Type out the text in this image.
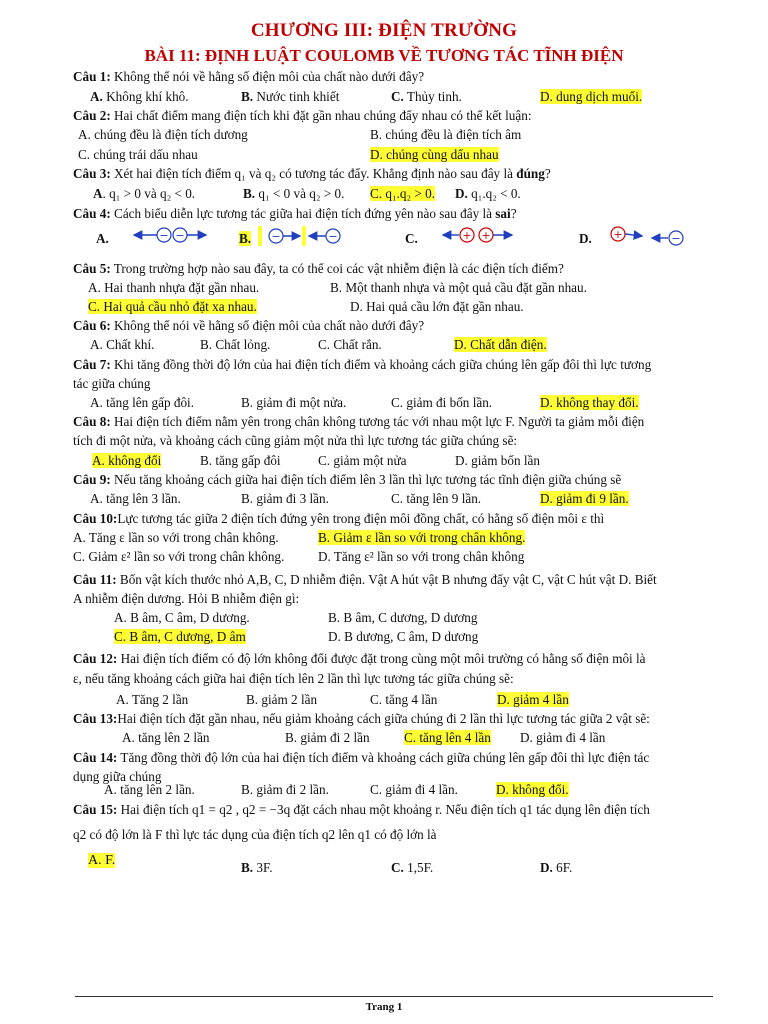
CHƯƠNG III: ĐIỆN TRƯỜNG
BÀI 11: ĐỊNH LUẬT COULOMB VỀ TƯƠNG TÁC TĨNH ĐIỆN
Câu 1: Không thể nói về hằng số điện môi của chất nào dưới đây?
A. Không khí khô.	B. Nước tinh khiết	C. Thủy tinh.	D. dung dịch muối.
Câu 2: Hai chất điểm mang điện tích khi đặt gần nhau chúng đẩy nhau có thể kết luận:
A. chúng đều là điện tích dương	B. chúng đều là điện tích âm
C. chúng trái dấu nhau	D. chúng cùng dấu nhau
Câu 3: Xét hai điện tích điểm q₁ và q₂ có tương tác đẩy. Khẳng định nào sau đây là đúng?
A. q₁ > 0 và q₂ < 0.	B. q₁ < 0 và q₂ > 0. C. q₁.q₂ > 0. D. q₁.q₂ < 0.
Câu 4: Cách biểu diễn lực tương tác giữa hai điện tích đứng yên nào sau đây là sai?
A.	− −	B. −	−	C.	+ +	D. +	−
Câu 5: Trong trường hợp nào sau đây, ta có thể coi các vật nhiễm điện là các điện tích điểm?
A. Hai thanh nhựa đặt gần nhau.	B. Một thanh nhựa và một quả cầu đặt gần nhau.
C. Hai quả cầu nhỏ đặt xa nhau.	D. Hai quả cầu lớn đặt gần nhau.
Câu 6: Không thể nói về hằng số điện môi của chất nào dưới đây?
A. Chất khí.	B. Chất lỏng.	C. Chất rắn.	D. Chất dẫn điện.
Câu 7: Khi tăng đồng thời độ lớn của hai điện tích điểm và khoảng cách giữa chúng lên gấp đôi thì lực tương
tác giữa chúng
A. tăng lên gấp đôi.	B. giảm đi một nửa.	C. giảm đi bốn lần.	D. không thay đổi.
Câu 8: Hai điện tích điểm nằm yên trong chân không tương tác với nhau một lực F. Người ta giảm mỗi điện
tích đi một nửa, và khoảng cách cũng giảm một nửa thì lực tương tác giữa chúng sẽ:
A. không đổi	B. tăng gấp đôi	C. giảm một nửa	D. giảm bốn lần
Câu 9: Nếu tăng khoảng cách giữa hai điện tích điểm lên 3 lần thì lực tương tác tĩnh điện giữa chúng sẽ
A. tăng lên 3 lần.	B. giảm đi 3 lần.	C. tăng lên 9 lần.	D. giảm đi 9 lần.
Câu 10:Lực tương tác giữa 2 điện tích đứng yên trong điện môi đồng chất, có hằng số điện môi ε thì
A. Tăng ε lần so với trong chân không.	B. Giảm ε lần so với trong chân không.
C. Giảm ε² lần so với trong chân không.	D. Tăng ε² lần so với trong chân không
Câu 11: Bốn vật kích thước nhỏ A,B, C, D nhiễm điện. Vật A hút vật B nhưng đẩy vật C, vật C hút vật D. Biết
A nhiễm điện dương. Hỏi B nhiễm điện gì:
A. B âm, C âm, D dương.	B. B âm, C dương, D dương
C. B âm, C dương, D âm	D. B dương, C âm, D dương
Câu 12: Hai điện tích điểm có độ lớn không đổi được đặt trong cùng một môi trường có hằng số điện môi là
ε, nếu tăng khoảng cách giữa hai điện tích lên 2 lần thì lực tương tác giữa chúng sẽ:
A. Tăng 2 lần	B. giảm 2 lần	C. tăng 4 lần	D. giảm 4 lần
Câu 13:Hai điện tích đặt gần nhau, nếu giảm khoảng cách giữa chúng đi 2 lần thì lực tương tác giữa 2 vật sẽ:
A. tăng lên 2 lần	B. giảm đi 2 lần	C. tăng lên 4 lần D. giảm đi 4 lần
Câu 14: Tăng đồng thời độ lớn của hai điện tích điểm và khoảng cách giữa chúng lên gấp đôi thì lực điện tác
dụng giữa chúng
A. tăng lên 2 lần.	B. giảm đi 2 lần.	C. giảm đi 4 lần.	D. không đổi.
Câu 15: Hai điện tích q1 = q2 , q2 = −3q đặt cách nhau một khoảng r. Nếu điện tích q1 tác dụng lên điện tích
q2 có độ lớn là F thì lực tác dụng của điện tích q2 lên q1 có độ lớn là
A. F.	B. 3F.	C. 1,5F.	D. 6F.
Trang 1
